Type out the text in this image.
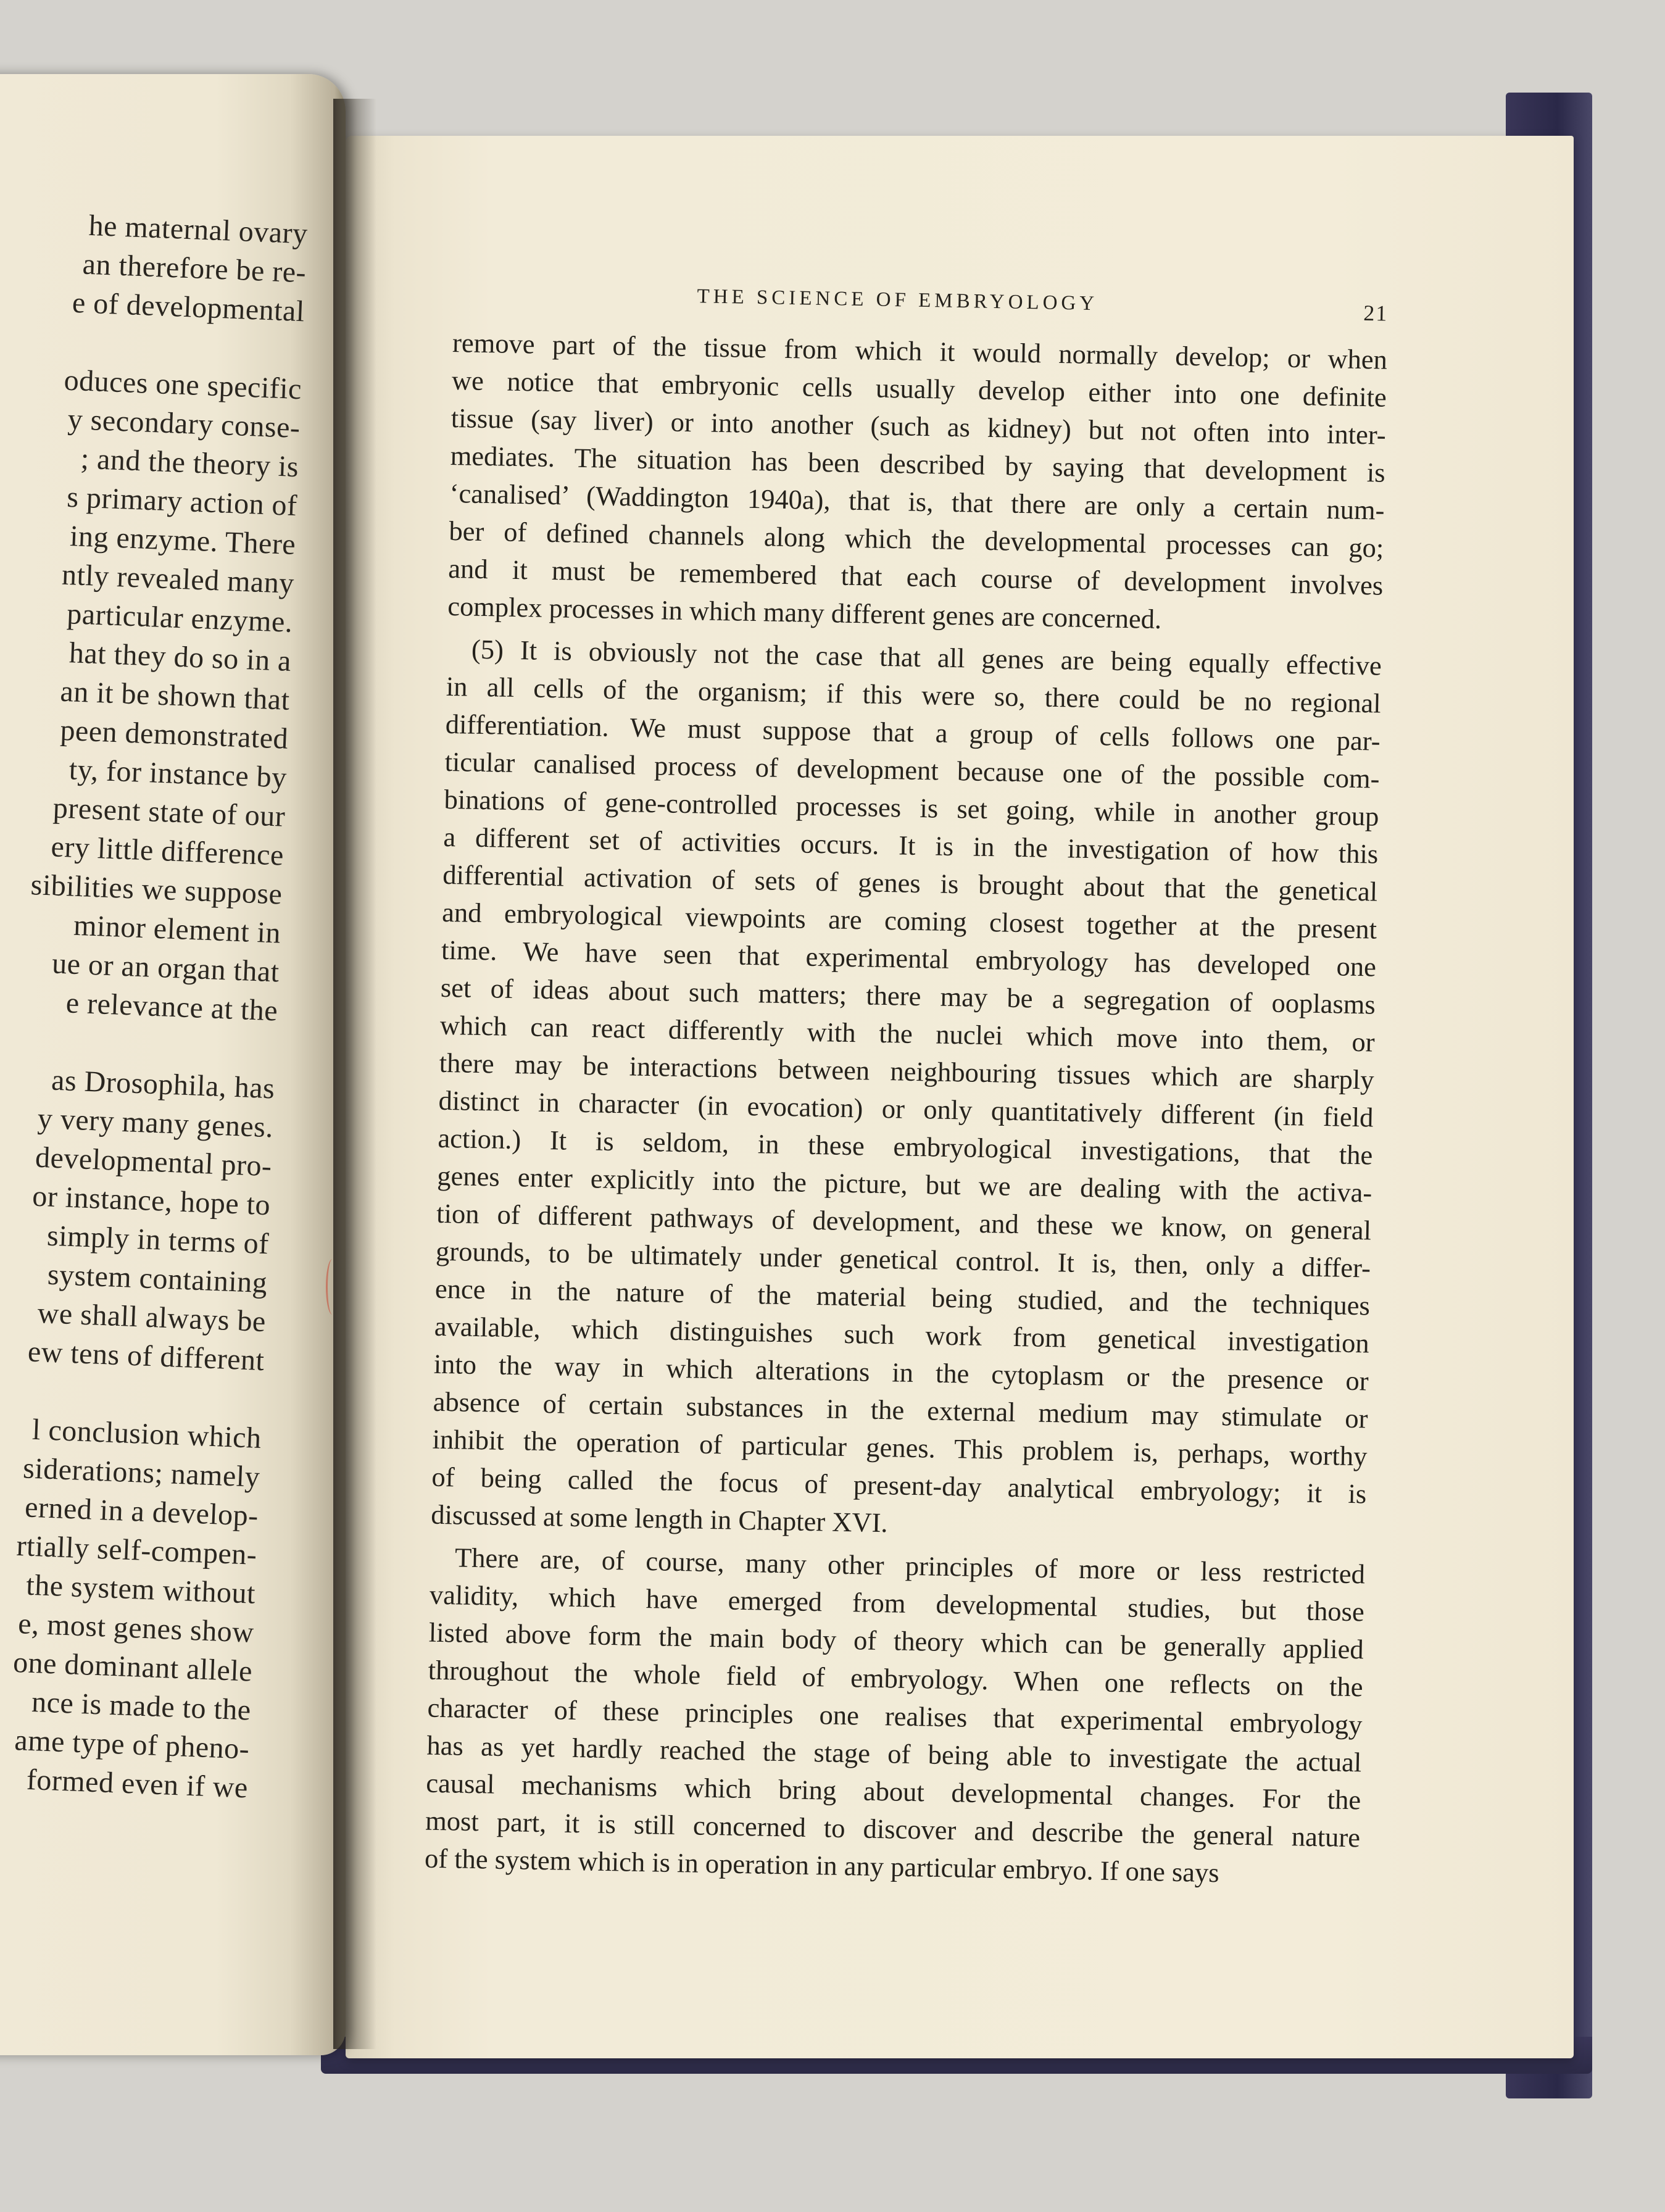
he maternal ovary
an therefore be re-
e of developmental
oduces one specific
y secondary conse-
; and the theory is
s primary action of
ing enzyme. There
ntly revealed many
particular enzyme.
hat they do so in a
an it be shown that
peen demonstrated
ty, for instance by
present state of our
ery little difference
sibilities we suppose
minor element in
ue or an organ that
e relevance at the
as Drosophila, has
y very many genes.
developmental pro-
or instance, hope to
simply in terms of
system containing
we shall always be
ew tens of different
l conclusion which
siderations; namely
erned in a develop-
rtially self-compen-
the system without
e, most genes show
one dominant allele
nce is made to the
ame type of pheno-
formed even if we
THE SCIENCE OF EMBRYOLOGY	21
remove part of the tissue from which it would normally develop; or when
we notice that embryonic cells usually develop either into one definite
tissue (say liver) or into another (such as kidney) but not often into inter-
mediates. The situation has been described by saying that development is
‘canalised’ (Waddington 1940a), that is, that there are only a certain num-
ber of defined channels along which the developmental processes can go;
and it must be remembered that each course of development involves
complex processes in which many different genes are concerned.
(5) It is obviously not the case that all genes are being equally effective
in all cells of the organism; if this were so, there could be no regional
differentiation. We must suppose that a group of cells follows one par-
ticular canalised process of development because one of the possible com-
binations of gene-controlled processes is set going, while in another group
a different set of activities occurs. It is in the investigation of how this
differential activation of sets of genes is brought about that the genetical
and embryological viewpoints are coming closest together at the present
time. We have seen that experimental embryology has developed one
set of ideas about such matters; there may be a segregation of ooplasms
which can react differently with the nuclei which move into them, or
there may be interactions between neighbouring tissues which are sharply
distinct in character (in evocation) or only quantitatively different (in field
action.) It is seldom, in these embryological investigations, that the
genes enter explicitly into the picture, but we are dealing with the activa-
tion of different pathways of development, and these we know, on general
grounds, to be ultimately under genetical control. It is, then, only a differ-
ence in the nature of the material being studied, and the techniques
available, which distinguishes such work from genetical investigation
into the way in which alterations in the cytoplasm or the presence or
absence of certain substances in the external medium may stimulate or
inhibit the operation of particular genes. This problem is, perhaps, worthy
of being called the focus of present-day analytical embryology; it is
discussed at some length in Chapter XVI.
There are, of course, many other principles of more or less restricted
validity, which have emerged from developmental studies, but those
listed above form the main body of theory which can be generally applied
throughout the whole field of embryology. When one reflects on the
character of these principles one realises that experimental embryology
has as yet hardly reached the stage of being able to investigate the actual
causal mechanisms which bring about developmental changes. For the
most part, it is still concerned to discover and describe the general nature
of the system which is in operation in any particular embryo. If one says
